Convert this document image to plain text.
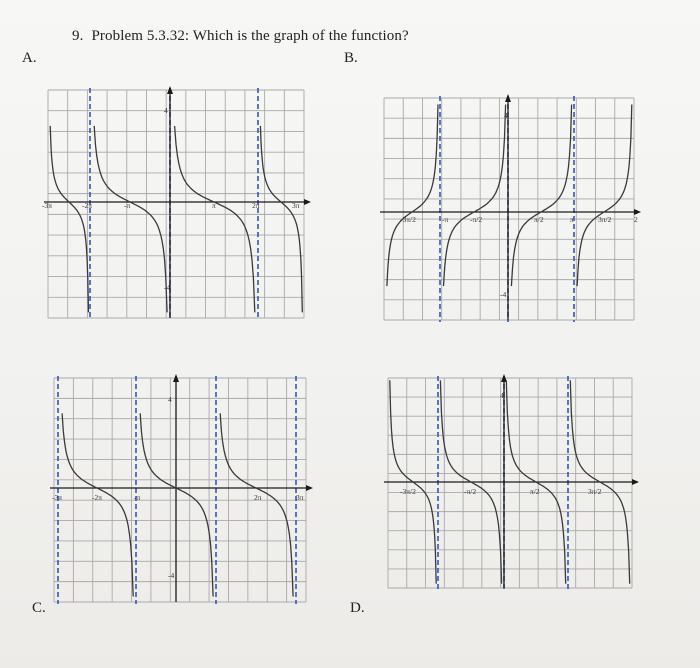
9. Problem 5.3.32: Which is the graph of the function?
A.	B.
C.	D.
-3π	-2π	-π	π	2π	3π
4
-4
-3π/2	-π	-π/2	π/2	π	3π/2	2
4
-4
-3π	-2π	-π	2π	3π
4
-4
-3π/2	-π/2	π/2	3π/2
4
